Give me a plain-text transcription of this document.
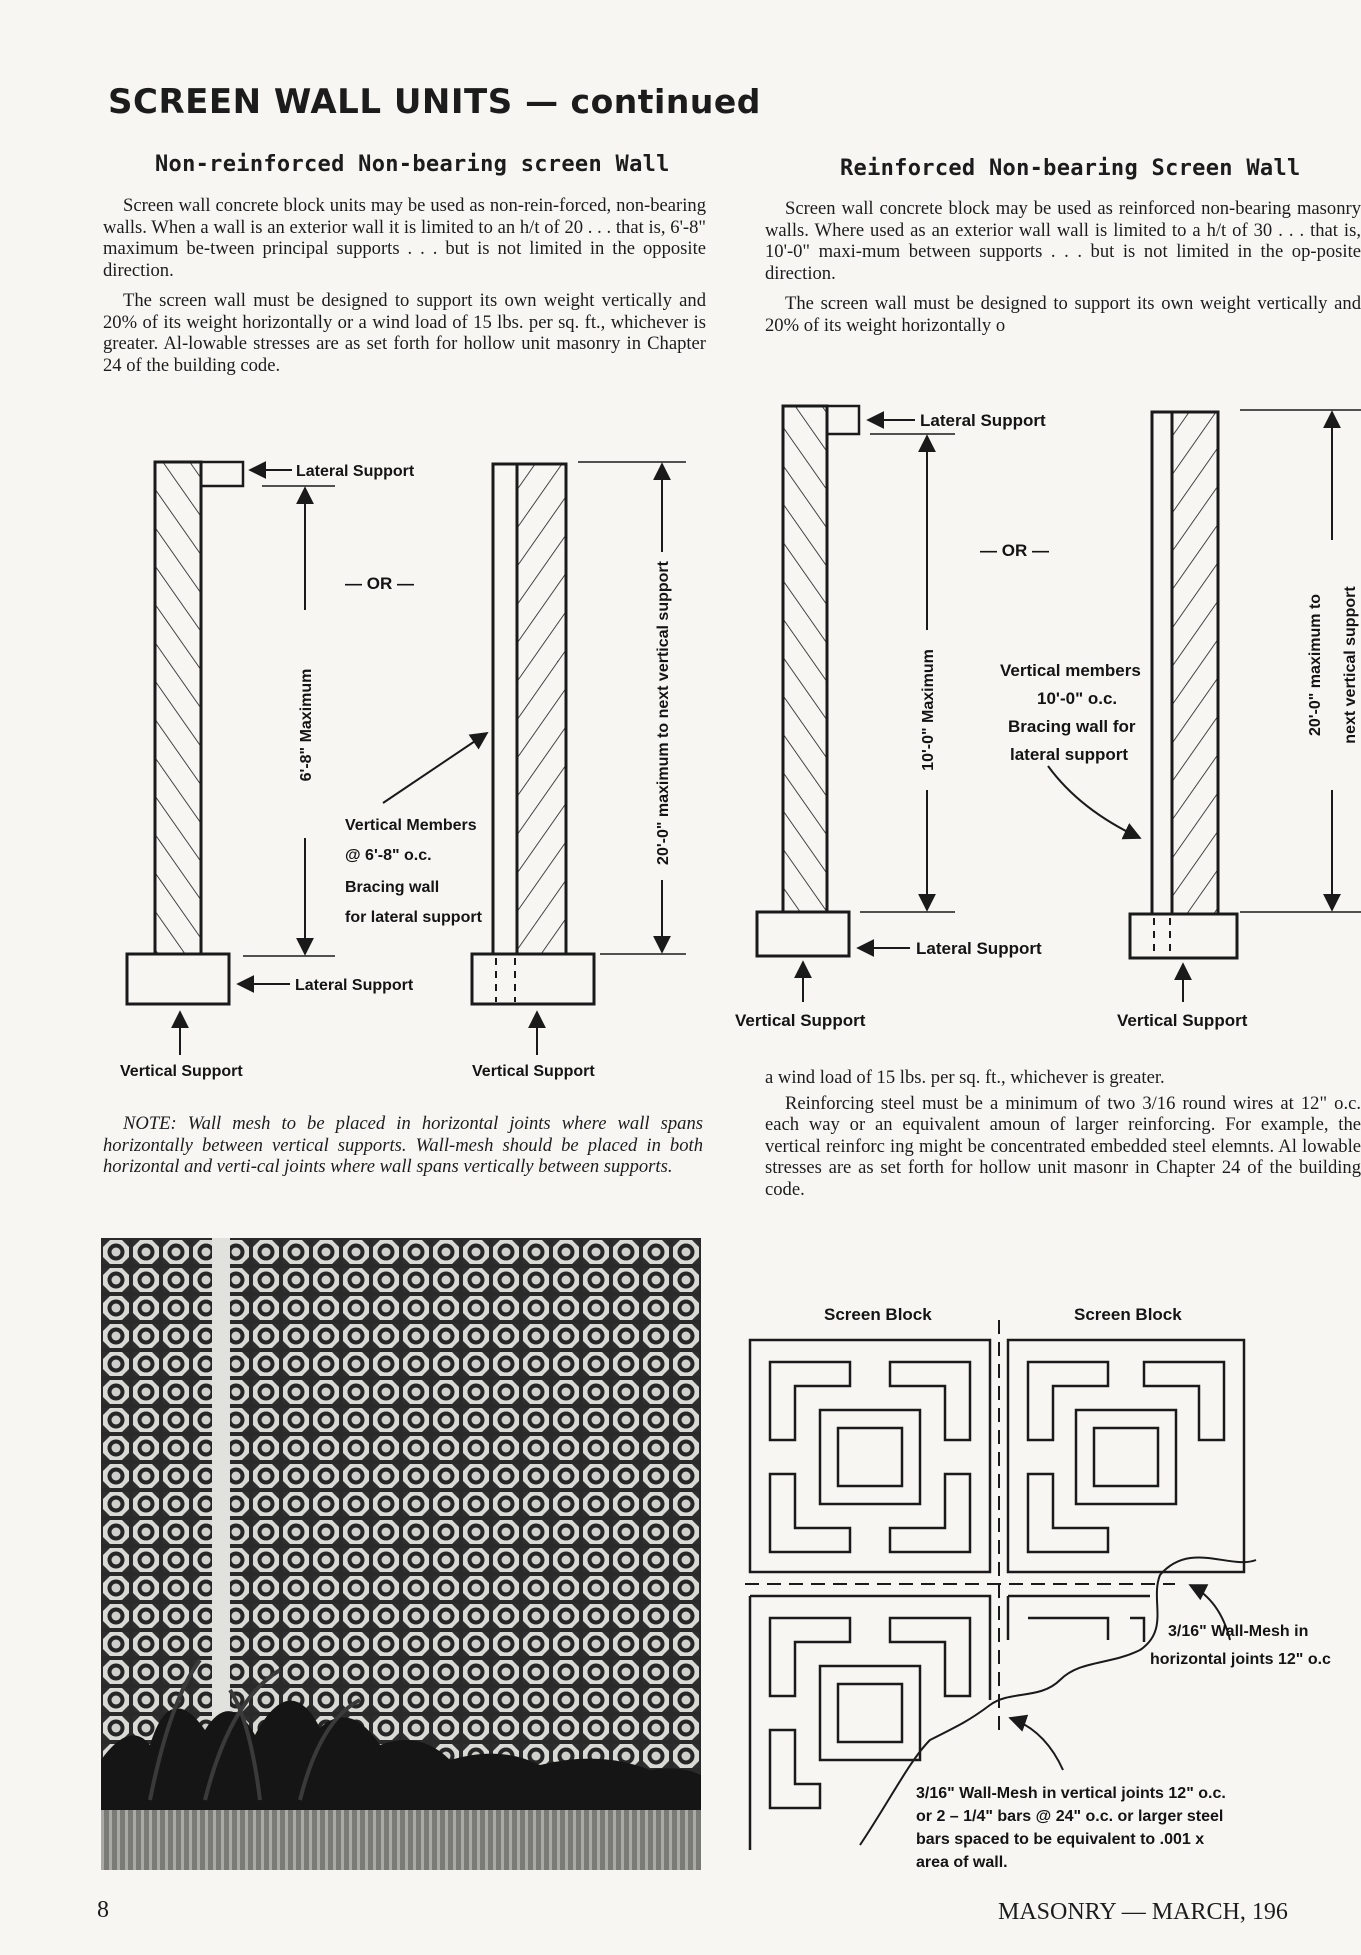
SCREEN WALL UNITS — continued
Non-reinforced Non-bearing screen Wall

Screen wall concrete block units may be used as non-rein-forced, non-bearing walls. When a wall is an exterior wall it is limited to an h/t of 20 . . . that is, 6'-8" maximum be-tween principal supports . . . but is not limited in the opposite direction.

The screen wall must be designed to support its own weight vertically and 20% of its weight horizontally or a wind load of 15 lbs. per sq. ft., whichever is greater. Al-lowable stresses are as set forth for hollow unit masonry in Chapter 24 of the building code.

Lateral Support
6'-8" Maximum
Lateral Support
Vertical Support
— OR —
Vertical Support
Vertical Members
@ 6'-8" o.c.
Bracing wall
for lateral support
20'-0" maximum to next vertical support

NOTE: Wall mesh to be placed in horizontal joints where wall spans horizontally between vertical supports. Wall-mesh should be placed in both horizontal and verti-cal joints where wall spans vertically between supports.

Reinforced Non-bearing Screen Wall

Screen wall concrete block may be used as reinforced non-bearing masonry walls. Where used as an exterior wall wall is limited to a h/t of 30 . . . that is, 10'-0" maxi-mum between supports . . . but is not limited in the op-posite direction.

The screen wall must be designed to support its own weight vertically and 20% of its weight horizontally o

Lateral Support
10'-0" Maximum
Lateral Support
Vertical Support
— OR —
Vertical Support
Vertical members
10'-0" o.c.
Bracing wall for
lateral support
20'-0" maximum to next vertical support

a wind load of 15 lbs. per sq. ft., whichever is greater.

Reinforcing steel must be a minimum of two 3/16 round wires at 12" o.c. each way or an equivalent amoun of larger reinforcing. For example, the vertical reinforc ing might be concentrated embedded steel elemnts. Al lowable stresses are as set forth for hollow unit masonr in Chapter 24 of the building code.

Screen Block	Screen Block
3/16" Wall-Mesh in
horizontal joints 12" o.c
3/16" Wall-Mesh in vertical joints 12" o.c.
or 2 – 1/4" bars @ 24" o.c. or larger steel
bars spaced to be equivalent to .001 x
area of wall.
8	MASONRY — MARCH, 196
